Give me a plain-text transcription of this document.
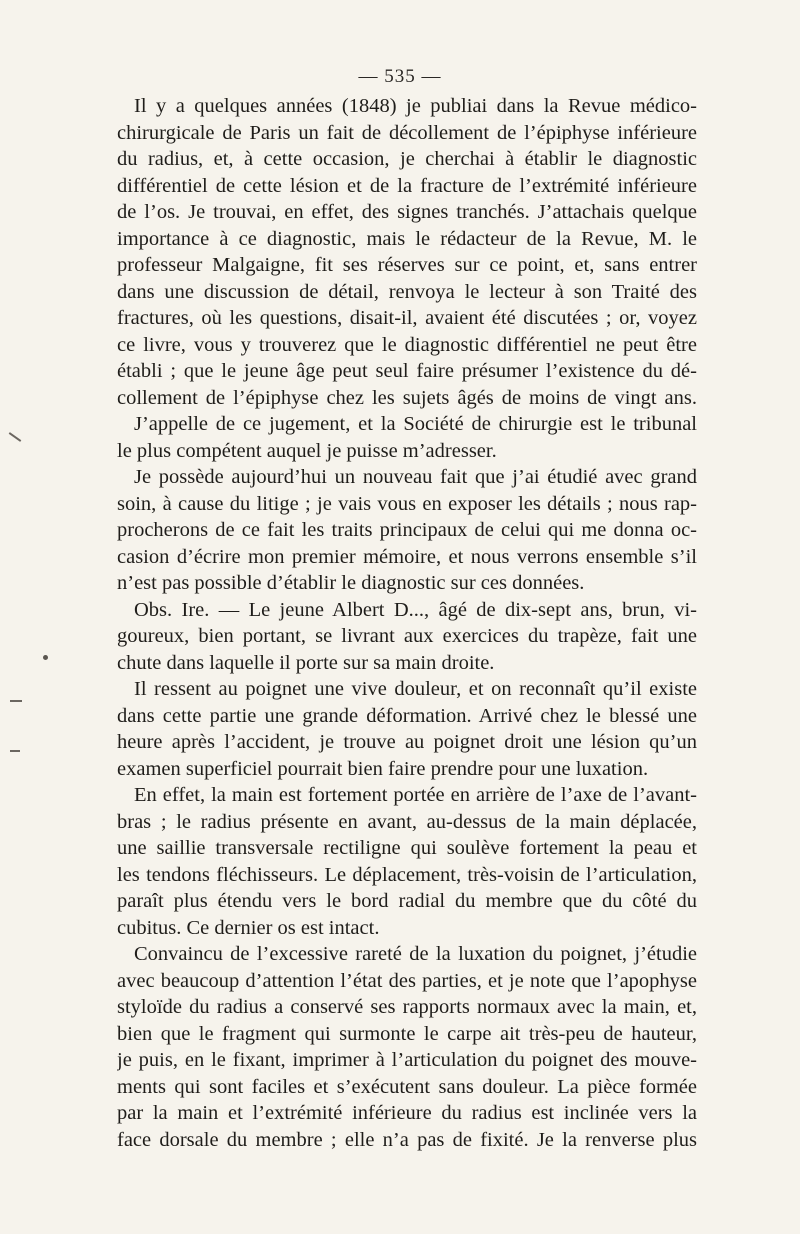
— 535 —
Il y a quelques années (1848) je publiai dans la Revue médico-
chirurgicale de Paris un fait de décollement de l’épiphyse inférieure
du radius, et, à cette occasion, je cherchai à établir le diagnostic
différentiel de cette lésion et de la fracture de l’extrémité inférieure
de l’os. Je trouvai, en effet, des signes tranchés. J’attachais quelque
importance à ce diagnostic, mais le rédacteur de la Revue, M. le
professeur Malgaigne, fit ses réserves sur ce point, et, sans entrer
dans une discussion de détail, renvoya le lecteur à son Traité des
fractures, où les questions, disait-il, avaient été discutées ; or, voyez
ce livre, vous y trouverez que le diagnostic différentiel ne peut être
établi ; que le jeune âge peut seul faire présumer l’existence du dé-
collement de l’épiphyse chez les sujets âgés de moins de vingt ans.
J’appelle de ce jugement, et la Société de chirurgie est le tribunal
le plus compétent auquel je puisse m’adresser.
Je possède aujourd’hui un nouveau fait que j’ai étudié avec grand
soin, à cause du litige ; je vais vous en exposer les détails ; nous rap-
procherons de ce fait les traits principaux de celui qui me donna oc-
casion d’écrire mon premier mémoire, et nous verrons ensemble s’il
n’est pas possible d’établir le diagnostic sur ces données.
Obs. Ire. — Le jeune Albert D..., âgé de dix-sept ans, brun, vi-
goureux, bien portant, se livrant aux exercices du trapèze, fait une
chute dans laquelle il porte sur sa main droite.
Il ressent au poignet une vive douleur, et on reconnaît qu’il existe
dans cette partie une grande déformation. Arrivé chez le blessé une
heure après l’accident, je trouve au poignet droit une lésion qu’un
examen superficiel pourrait bien faire prendre pour une luxation.
En effet, la main est fortement portée en arrière de l’axe de l’avant-
bras ; le radius présente en avant, au-dessus de la main déplacée,
une saillie transversale rectiligne qui soulève fortement la peau et
les tendons fléchisseurs. Le déplacement, très-voisin de l’articulation,
paraît plus étendu vers le bord radial du membre que du côté du
cubitus. Ce dernier os est intact.
Convaincu de l’excessive rareté de la luxation du poignet, j’étudie
avec beaucoup d’attention l’état des parties, et je note que l’apophyse
styloïde du radius a conservé ses rapports normaux avec la main, et,
bien que le fragment qui surmonte le carpe ait très-peu de hauteur,
je puis, en le fixant, imprimer à l’articulation du poignet des mouve-
ments qui sont faciles et s’exécutent sans douleur. La pièce formée
par la main et l’extrémité inférieure du radius est inclinée vers la
face dorsale du membre ; elle n’a pas de fixité. Je la renverse plus
